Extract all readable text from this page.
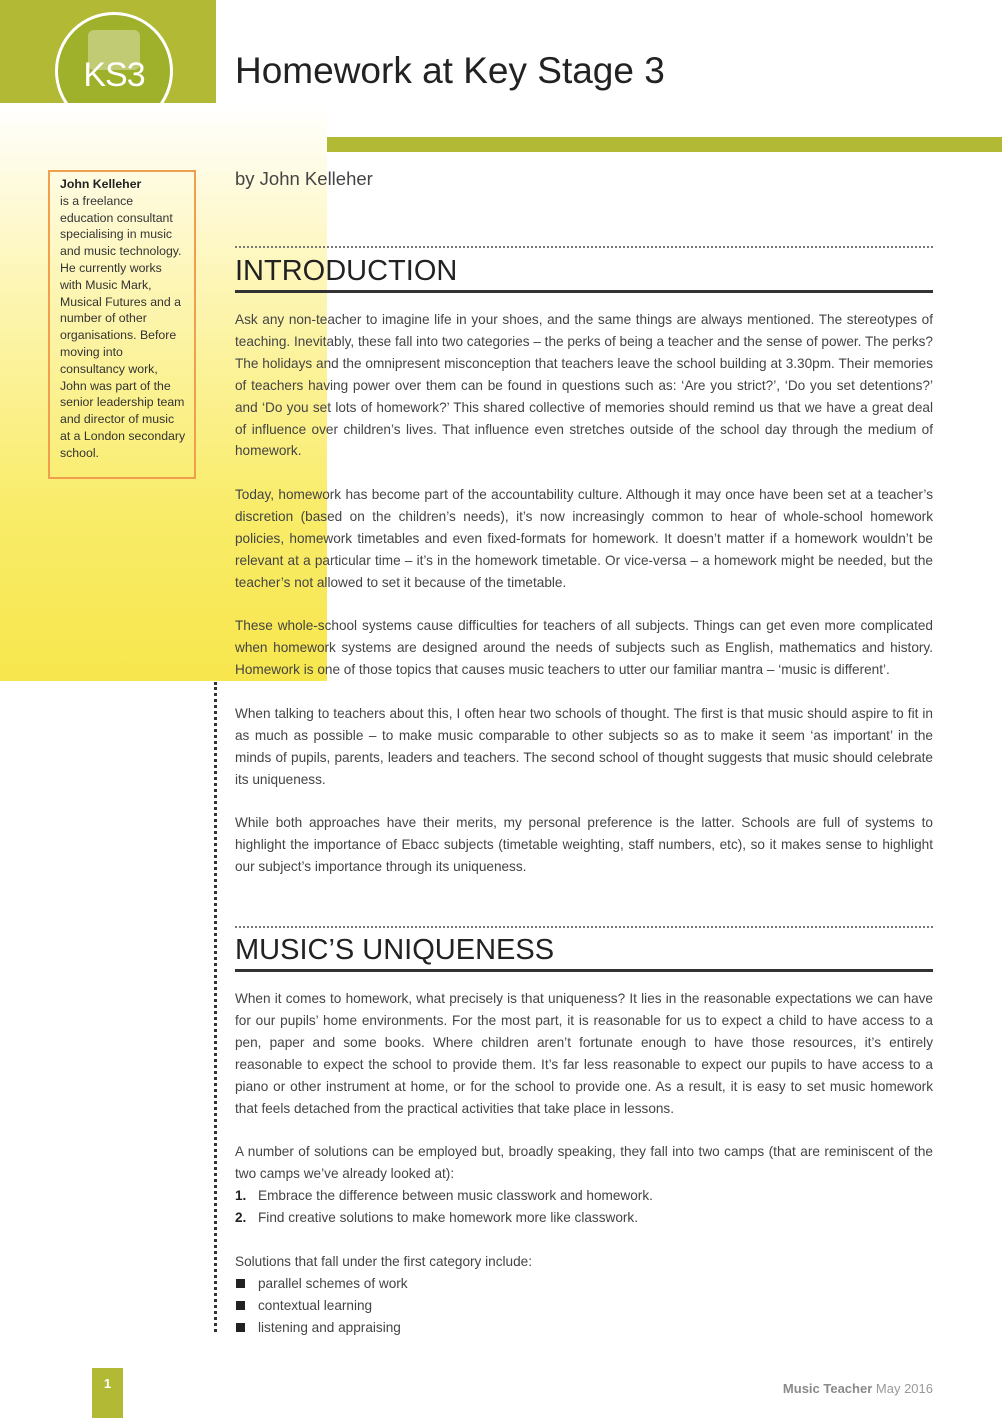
KS3	Homework at Key Stage 3
John Kelleher
is a freelance education consultant specialising in music and music technology. He currently works with Music Mark, Musical Futures and a number of other organisations. Before moving into consultancy work, John was part of the senior leadership team and director of music at a London secondary school.
by John Kelleher
INTRODUCTION

Ask any non-teacher to imagine life in your shoes, and the same things are always mentioned. The stereotypes of teaching. Inevitably, these fall into two categories – the perks of being a teacher and the sense of power. The perks? The holidays and the omnipresent misconception that teachers leave the school building at 3.30pm. Their memories of teachers having power over them can be found in questions such as: ‘Are you strict?’, ‘Do you set detentions?’ and ‘Do you set lots of homework?’ This shared collective of memories should remind us that we have a great deal of influence over children’s lives. That influence even stretches outside of the school day through the medium of homework.

Today, homework has become part of the accountability culture. Although it may once have been set at a teacher’s discretion (based on the children’s needs), it’s now increasingly common to hear of whole-school homework policies, homework timetables and even fixed-formats for homework. It doesn’t matter if a homework wouldn’t be relevant at a particular time – it’s in the homework timetable. Or vice-versa – a homework might be needed, but the teacher’s not allowed to set it because of the timetable.

These whole-school systems cause difficulties for teachers of all subjects. Things can get even more complicated when homework systems are designed around the needs of subjects such as English, mathematics and history. Homework is one of those topics that causes music teachers to utter our familiar mantra – ‘music is different’.

When talking to teachers about this, I often hear two schools of thought. The first is that music should aspire to fit in as much as possible – to make music comparable to other subjects so as to make it seem ‘as important’ in the minds of pupils, parents, leaders and teachers. The second school of thought suggests that music should celebrate its uniqueness.

While both approaches have their merits, my personal preference is the latter. Schools are full of systems to highlight the importance of Ebacc subjects (timetable weighting, staff numbers, etc), so it makes sense to highlight our subject’s importance through its uniqueness.

MUSIC’S UNIQUENESS

When it comes to homework, what precisely is that uniqueness? It lies in the reasonable expectations we can have for our pupils’ home environments. For the most part, it is reasonable for us to expect a child to have access to a pen, paper and some books. Where children aren’t fortunate enough to have those resources, it’s entirely reasonable to expect the school to provide them. It’s far less reasonable to expect our pupils to have access to a piano or other instrument at home, or for the school to provide one. As a result, it is easy to set music homework that feels detached from the practical activities that take place in lessons.

A number of solutions can be employed but, broadly speaking, they fall into two camps (that are reminiscent of the two camps we’ve already looked at):

1. Embrace the difference between music classwork and homework.
2. Find creative solutions to make homework more like classwork.

Solutions that fall under the first category include:

parallel schemes of work
contextual learning
listening and appraising
1	Music Teacher May 2016
